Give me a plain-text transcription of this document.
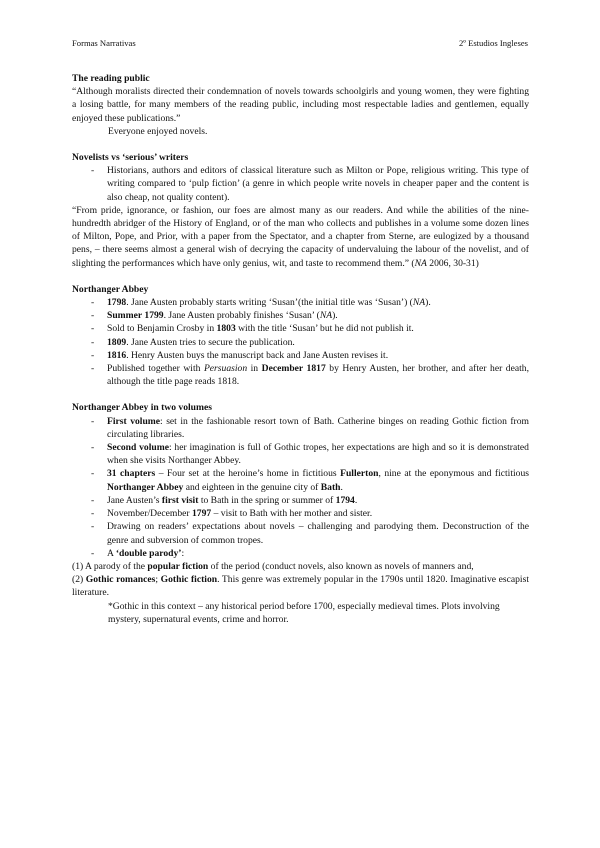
Formas Narrativas	2º Estudios Ingleses

The reading public

“Although moralists directed their condemnation of novels towards schoolgirls and young women, they were fighting a losing battle, for many members of the reading public, including most respectable ladies and gentlemen, equally enjoyed these publications.”

Everyone enjoyed novels.

Novelists vs ‘serious’ writers

- Historians, authors and editors of classical literature such as Milton or Pope, religious writing. This type of writing compared to ‘pulp fiction’ (a genre in which people write novels in cheaper paper and the content is also cheap, not quality content).

“From pride, ignorance, or fashion, our foes are almost many as our readers. And while the abilities of the nine-hundredth abridger of the History of England, or of the man who collects and publishes in a volume some dozen lines of Milton, Pope, and Prior, with a paper from the Spectator, and a chapter from Sterne, are eulogized by a thousand pens, – there seems almost a general wish of decrying the capacity of undervaluing the labour of the novelist, and of slighting the performances which have only genius, wit, and taste to recommend them.” (NA 2006, 30-31)

Northanger Abbey

- 1798. Jane Austen probably starts writing ‘Susan’(the initial title was ‘Susan’) (NA).
- Summer 1799. Jane Austen probably finishes ‘Susan’ (NA).
- Sold to Benjamin Crosby in 1803 with the title ‘Susan’ but he did not publish it.
- 1809. Jane Austen tries to secure the publication.
- 1816. Henry Austen buys the manuscript back and Jane Austen revises it.
- Published together with Persuasion in December 1817 by Henry Austen, her brother, and after her death, although the title page reads 1818.

Northanger Abbey in two volumes

- First volume: set in the fashionable resort town of Bath. Catherine binges on reading Gothic fiction from circulating libraries.
- Second volume: her imagination is full of Gothic tropes, her expectations are high and so it is demonstrated when she visits Northanger Abbey.
- 31 chapters – Four set at the heroine’s home in fictitious Fullerton, nine at the eponymous and fictitious Northanger Abbey and eighteen in the genuine city of Bath.
- Jane Austen’s first visit to Bath in the spring or summer of 1794.
- November/December 1797 – visit to Bath with her mother and sister.
- Drawing on readers’ expectations about novels – challenging and parodying them. Deconstruction of the genre and subversion of common tropes.
- A ‘double parody’:

(1) A parody of the popular fiction of the period (conduct novels, also known as novels of manners and,

(2) Gothic romances; Gothic fiction. This genre was extremely popular in the 1790s until 1820. Imaginative escapist literature.

*Gothic in this context – any historical period before 1700, especially medieval times. Plots involving mystery, supernatural events, crime and horror.
